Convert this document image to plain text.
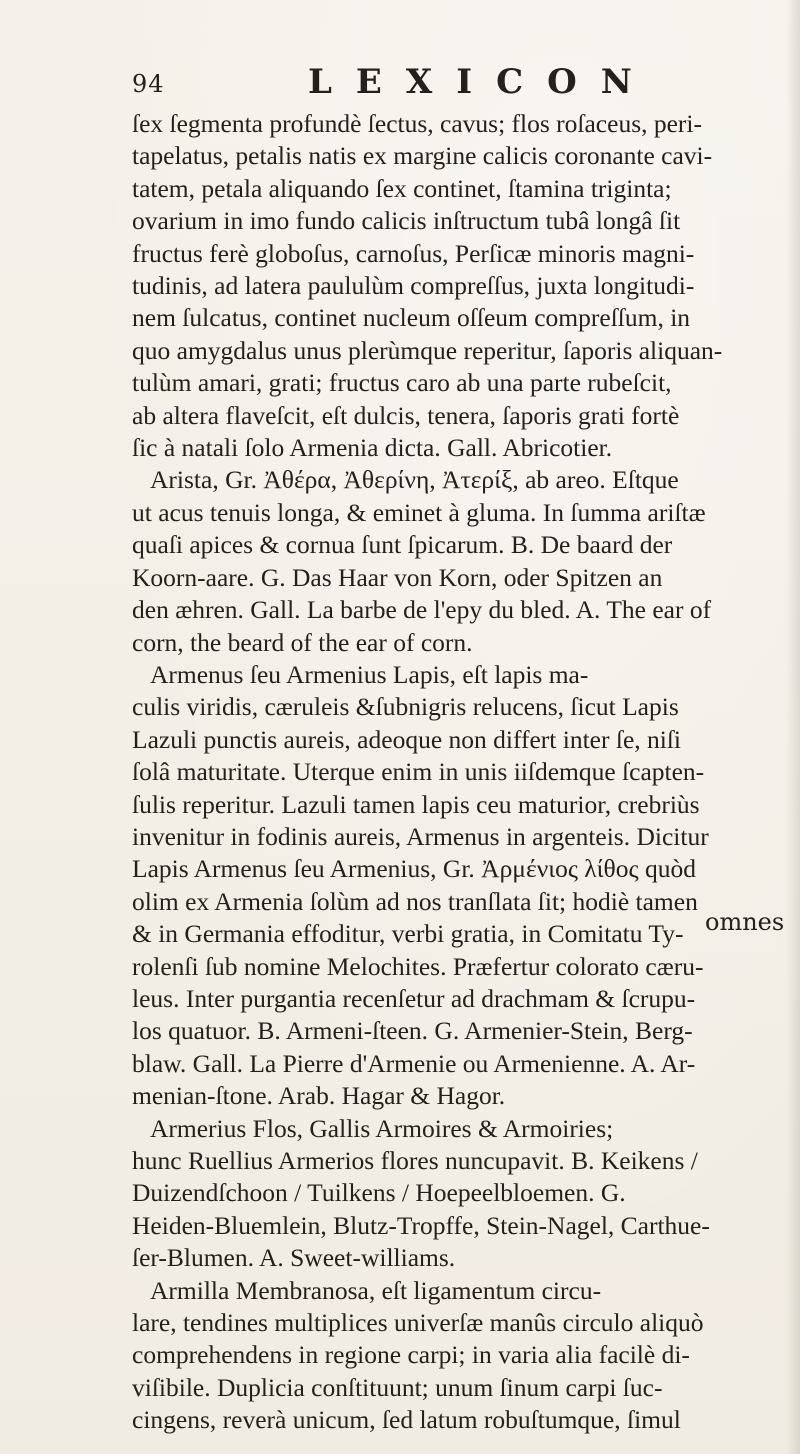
94	LEXICON
ſex ſegmenta profundè ſectus, cavus; flos roſaceus, peri-
tapelatus, petalis natis ex margine calicis coronante cavi-
tatem, petala aliquando ſex continet, ſtamina triginta;
ovarium in imo fundo calicis inſtructum tubâ longâ ſit
fructus ferè globoſus, carnoſus, Perſicæ minoris magni-
tudinis, ad latera paululùm compreſſus, juxta longitudi-
nem ſulcatus, continet nucleum oſſeum compreſſum, in
quo amygdalus unus plerùmque reperitur, ſaporis aliquan-
tulùm amari, grati; fructus caro ab una parte rubeſcit,
ab altera flaveſcit, eſt dulcis, tenera, ſaporis grati fortè
ſic à natali ſolo Armenia dicta. Gall. Abricotier.
Arista, Gr. Ἀθέρα, Ἀθερίνη, Ἀτερίξ, ab areo. Eſtque
ut acus tenuis longa, & eminet à gluma. In ſumma ariſtæ
quaſi apices & cornua ſunt ſpicarum. B. De baard der
Koorn-aare. G. Das Haar von Korn, oder Spitzen an
den æhren. Gall. La barbe de l'epy du bled. A. The ear of
corn, the beard of the ear of corn.
Armenus ſeu Armenius Lapis, eſt lapis ma-
culis viridis, cæruleis &ſubnigris relucens, ſicut Lapis
Lazuli punctis aureis, adeoque non differt inter ſe, niſi
ſolâ maturitate. Uterque enim in unis iiſdemque ſcapten-
ſulis reperitur. Lazuli tamen lapis ceu maturior, crebriùs
invenitur in fodinis aureis, Armenus in argenteis. Dicitur
Lapis Armenus ſeu Armenius, Gr. Ἀρμένιος λίθος quòd
olim ex Armenia ſolùm ad nos tranſlata ſit; hodiè tamen
& in Germania effoditur, verbi gratia, in Comitatu Ty-
rolenſi ſub nomine Melochites. Præfertur colorato cæru-
leus. Inter purgantia recenſetur ad drachmam & ſcrupu-
los quatuor. B. Armeni-ſteen. G. Armenier-Stein, Berg-
blaw. Gall. La Pierre d'Armenie ou Armenienne. A. Ar-
menian-ſtone. Arab. Hagar & Hagor.
Armerius Flos, Gallis Armoires & Armoiries;
hunc Ruellius Armerios flores nuncupavit. B. Keikens /
Duizendſchoon / Tuilkens / Hoepeelbloemen. G.
Heiden-Bluemlein, Blutz-Tropffe, Stein-Nagel, Carthue-
ſer-Blumen. A. Sweet-williams.
Armilla Membranosa, eſt ligamentum circu-
lare, tendines multiplices univerſæ manûs circulo aliquò
comprehendens in regione carpi; in varia alia facilè di-
viſibile. Duplicia conſtituunt; unum ſinum carpi ſuc-
cingens, reverà unicum, ſed latum robuſtumque, ſimul
omnes
